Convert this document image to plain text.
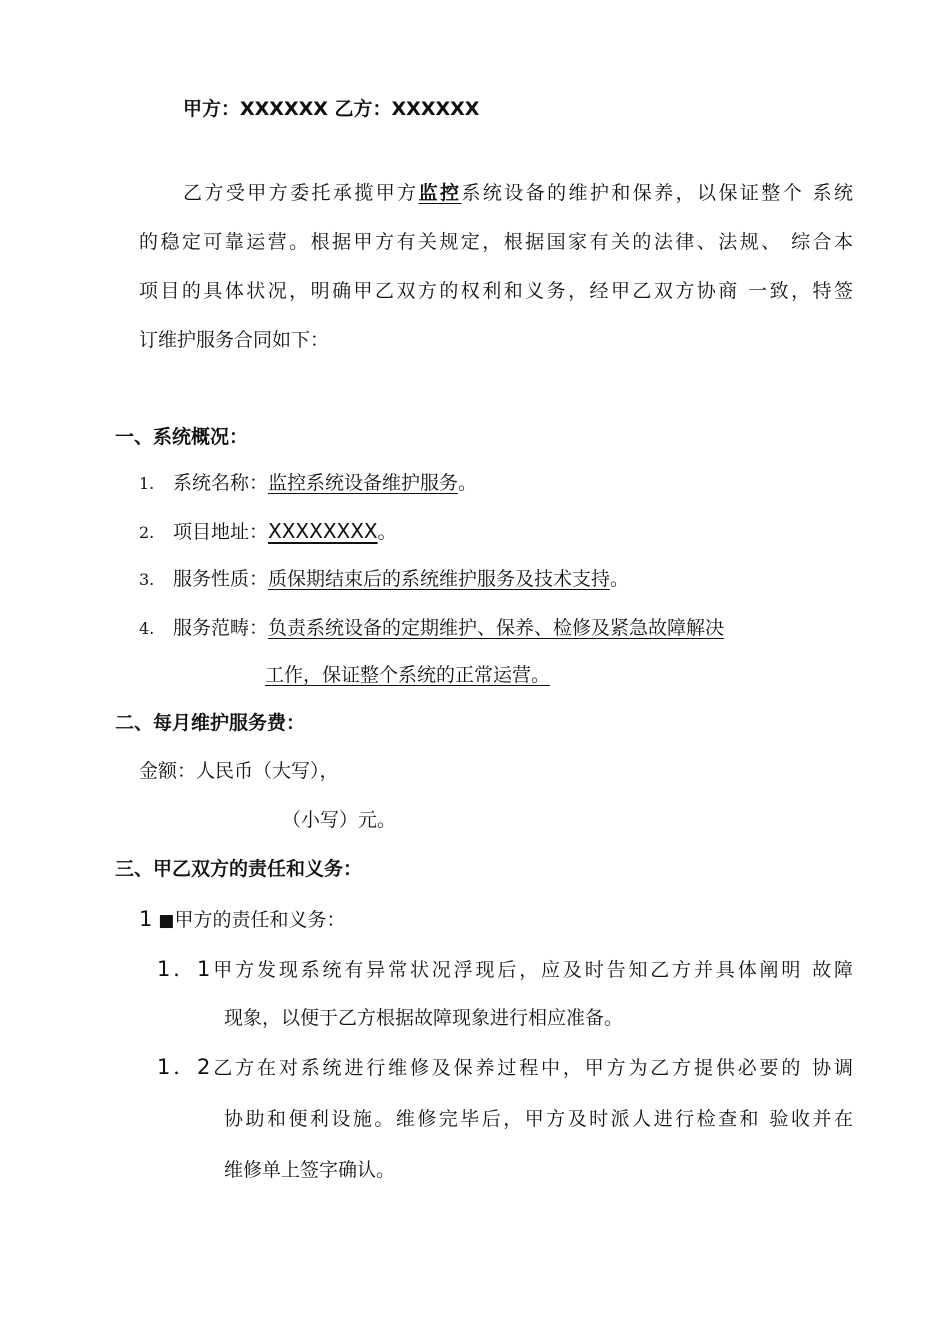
甲方：XXXXXX 乙方：XXXXXX
乙方受甲方委托承揽甲方监控系统设备的维护和保养，以保证整个 系统
的稳定可靠运营。根据甲方有关规定，根据国家有关的法律、法规、 综合本
项目的具体状况，明确甲乙双方的权利和义务，经甲乙双方协商 一致，特签
订维护服务合同如下：
一、系统概况：
1. 系统名称：监控系统设备维护服务。
2. 项目地址：XXXXXXXX。
3. 服务性质：质保期结束后的系统维护服务及技术支持。
4. 服务范畴：负责系统设备的定期维护、保养、检修及紧急故障解决
工作，保证整个系统的正常运营。
二、每月维护服务费：
金额：人民币（大写），
（小写）元。
三、甲乙双方的责任和义务：
1 ■甲方的责任和义务：
1．1甲方发现系统有异常状况浮现后，应及时告知乙方并具体阐明 故障
现象，以便于乙方根据故障现象进行相应准备。
1．2乙方在对系统进行维修及保养过程中，甲方为乙方提供必要的 协调
协助和便利设施。维修完毕后，甲方及时派人进行检查和 验收并在
维修单上签字确认。
